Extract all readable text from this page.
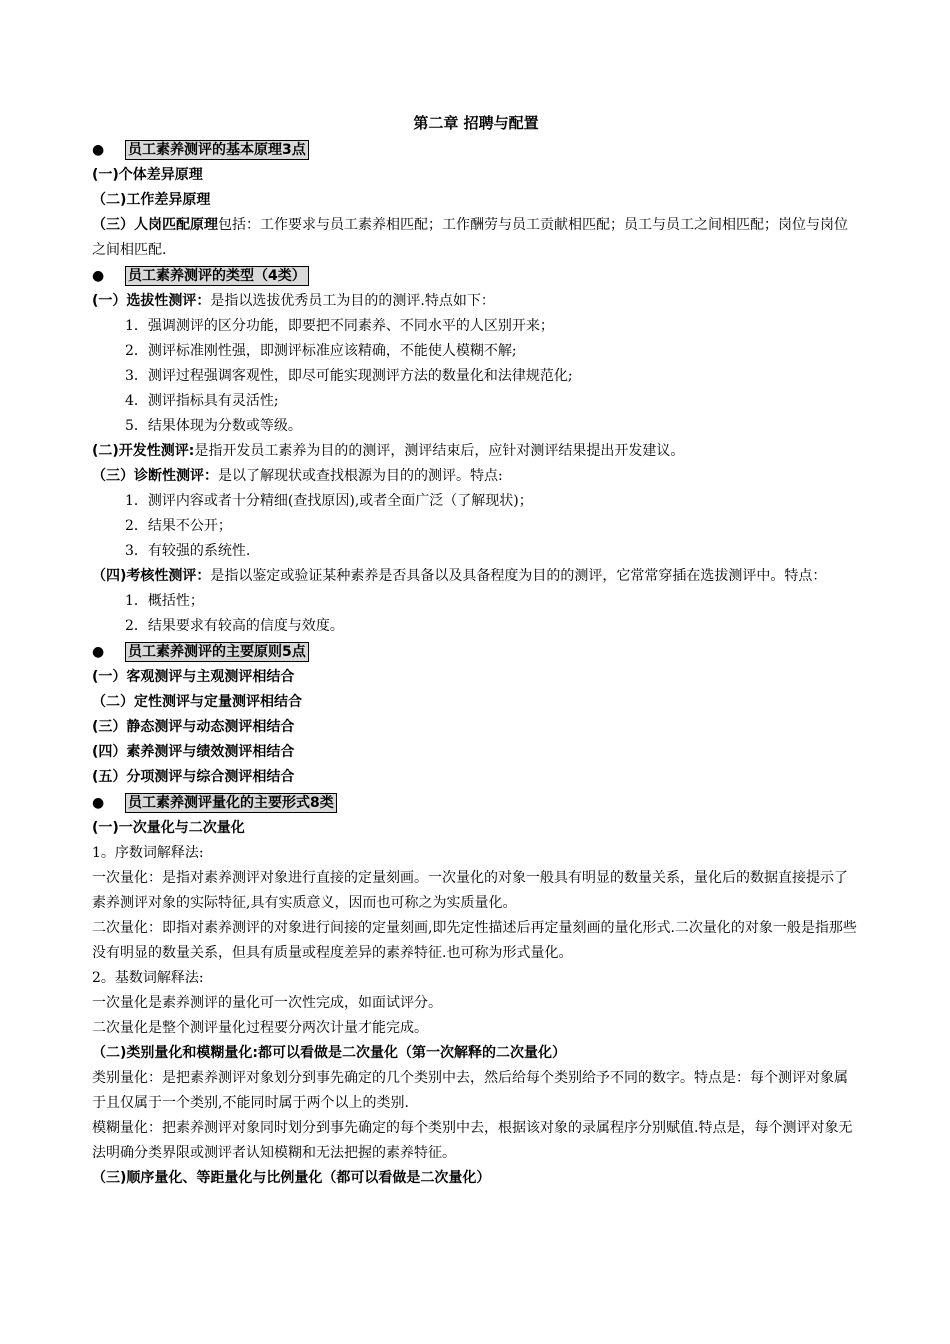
第二章 招聘与配置
● 员工素养测评的基本原理3点

(一)个体差异原理

（二)工作差异原理

（三）人岗匹配原理包括：工作要求与员工素养相匹配；工作酬劳与员工贡献相匹配；员工与员工之间相匹配；岗位与岗位之间相匹配.

● 员工素养测评的类型（4类）

(一）选拔性测评：是指以选拔优秀员工为目的的测评.特点如下：

1．强调测评的区分功能，即要把不同素养、不同水平的人区别开来；

2．测评标准刚性强，即测评标准应该精确，不能使人模糊不解;

3．测评过程强调客观性，即尽可能实现测评方法的数量化和法律规范化;

4．测评指标具有灵活性;

5．结果体现为分数或等级。

(二)开发性测评:是指开发员工素养为目的的测评，测评结束后，应针对测评结果提出开发建议。

（三）诊断性测评：是以了解现状或查找根源为目的的测评。特点:

1．测评内容或者十分精细(查找原因),或者全面广泛（了解现状)；

2．结果不公开；

3．有较强的系统性.

（四)考核性测评：是指以鉴定或验证某种素养是否具备以及具备程度为目的的测评，它常常穿插在选拔测评中。特点：

1．概括性；

2．结果要求有较高的信度与效度。

● 员工素养测评的主要原则5点

(一）客观测评与主观测评相结合

（二）定性测评与定量测评相结合

(三）静态测评与动态测评相结合

(四）素养测评与绩效测评相结合

(五）分项测评与综合测评相结合

● 员工素养测评量化的主要形式8类

(一)一次量化与二次量化

1。序数词解释法:

一次量化：是指对素养测评对象进行直接的定量刻画。一次量化的对象一般具有明显的数量关系，量化后的数据直接提示了素养测评对象的实际特征,具有实质意义，因而也可称之为实质量化。

二次量化：即指对素养测评的对象进行间接的定量刻画,即先定性描述后再定量刻画的量化形式.二次量化的对象一般是指那些没有明显的数量关系，但具有质量或程度差异的素养特征.也可称为形式量化。

2。基数词解释法:

一次量化是素养测评的量化可一次性完成，如面试评分。

二次量化是整个测评量化过程要分两次计量才能完成。

（二)类别量化和模糊量化:都可以看做是二次量化（第一次解释的二次量化）

类别量化：是把素养测评对象划分到事先确定的几个类别中去，然后给每个类别给予不同的数字。特点是：每个测评对象属于且仅属于一个类别,不能同时属于两个以上的类别.

模糊量化：把素养测评对象同时划分到事先确定的每个类别中去，根据该对象的录属程序分别赋值.特点是，每个测评对象无法明确分类界限或测评者认知模糊和无法把握的素养特征。

（三)顺序量化、等距量化与比例量化（都可以看做是二次量化）
